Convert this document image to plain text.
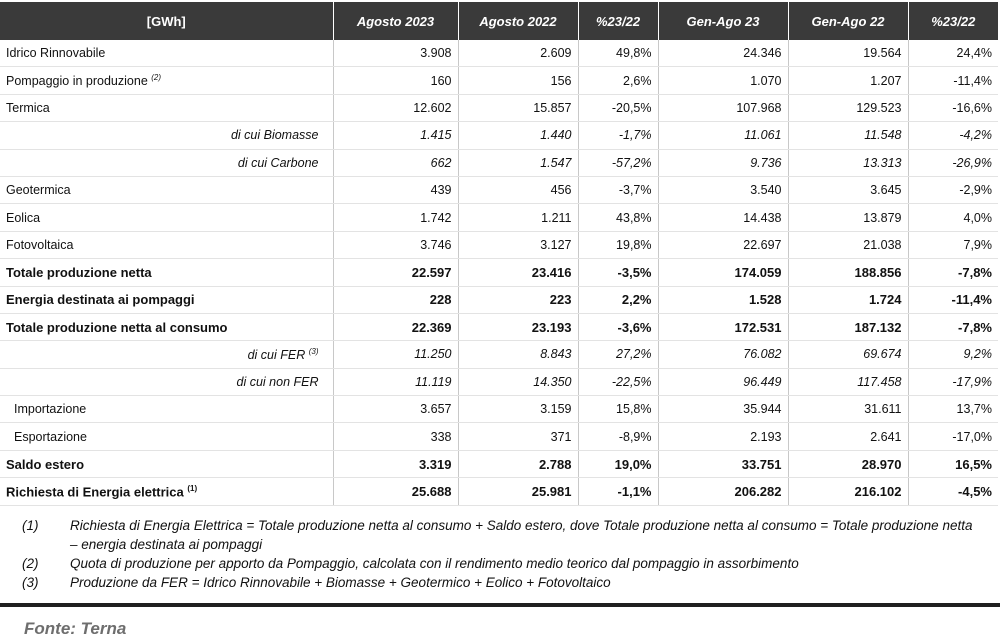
[GWh]	Agosto 2023	Agosto 2022	%23/22	Gen-Ago 23	Gen-Ago 22	%23/22
Idrico Rinnovabile	3.908	2.609	49,8%	24.346	19.564	24,4%
Pompaggio in produzione $^{(2)}$	160	156	2,6%	1.070	1.207	-11,4%
Termica	12.602	15.857	-20,5%	107.968	129.523	-16,6%
di cui Biomasse	1.415	1.440	-1,7%	11.061	11.548	-4,2%
di cui Carbone	662	1.547	-57,2%	9.736	13.313	-26,9%
Geotermica	439	456	-3,7%	3.540	3.645	-2,9%
Eolica	1.742	1.211	43,8%	14.438	13.879	4,0%
Fotovoltaica	3.746	3.127	19,8%	22.697	21.038	7,9%
Totale produzione netta	22.597	23.416	-3,5%	174.059	188.856	-7,8%
Energia destinata ai pompaggi	228	223	2,2%	1.528	1.724	-11,4%
Totale produzione netta al consumo	22.369	23.193	-3,6%	172.531	187.132	-7,8%
di cui FER $^{(3)}$	11.250	8.843	27,2%	76.082	69.674	9,2%
di cui non FER	11.119	14.350	-22,5%	96.449	117.458	-17,9%
Importazione	3.657	3.159	15,8%	35.944	31.611	13,7%
Esportazione	338	371	-8,9%	2.193	2.641	-17,0%
Saldo estero	3.319	2.788	19,0%	33.751	28.970	16,5%
Richiesta di Energia elettrica $^{(1)}$	25.688	25.981	-1,1%	206.282	216.102	-4,5%
(1)	Richiesta di Energia Elettrica = Totale produzione netta al consumo + Saldo estero, dove Totale produzione netta al consumo = Totale produzione netta – energia destinata ai pompaggi
(2)	Quota di produzione per apporto da Pompaggio, calcolata con il rendimento medio teorico dal pompaggio in assorbimento
(3)	Produzione da FER = Idrico Rinnovabile + Biomasse + Geotermico + Eolico + Fotovoltaico
Fonte: Terna
